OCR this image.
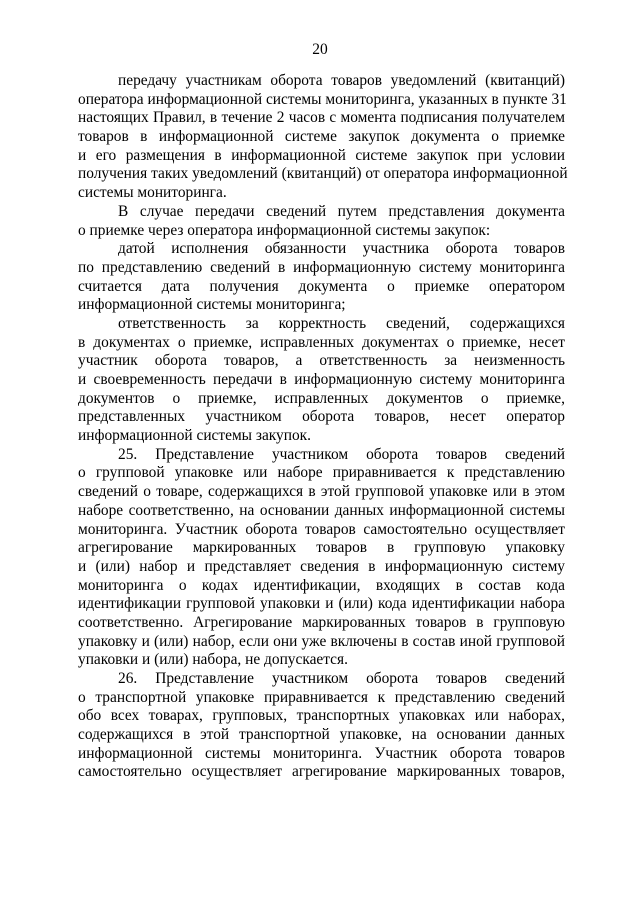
20
передачу участникам оборота товаров уведомлений (квитанций)
оператора информационной системы мониторинга, указанных в пункте 31
настоящих Правил, в течение 2 часов с момента подписания получателем
товаров в информационной системе закупок документа о приемке
и его размещения в информационной системе закупок при условии
получения таких уведомлений (квитанций) от оператора информационной
системы мониторинга.
В случае передачи сведений путем представления документа
о приемке через оператора информационной системы закупок:
датой исполнения обязанности участника оборота товаров
по представлению сведений в информационную систему мониторинга
считается дата получения документа о приемке оператором
информационной системы мониторинга;
ответственность за корректность сведений, содержащихся
в документах о приемке, исправленных документах о приемке, несет
участник оборота товаров, а ответственность за неизменность
и своевременность передачи в информационную систему мониторинга
документов о приемке, исправленных документов о приемке,
представленных участником оборота товаров, несет оператор
информационной системы закупок.
25. Представление участником оборота товаров сведений
о групповой упаковке или наборе приравнивается к представлению
сведений о товаре, содержащихся в этой групповой упаковке или в этом
наборе соответственно, на основании данных информационной системы
мониторинга. Участник оборота товаров самостоятельно осуществляет
агрегирование маркированных товаров в групповую упаковку
и (или) набор и представляет сведения в информационную систему
мониторинга о кодах идентификации, входящих в состав кода
идентификации групповой упаковки и (или) кода идентификации набора
соответственно. Агрегирование маркированных товаров в групповую
упаковку и (или) набор, если они уже включены в состав иной групповой
упаковки и (или) набора, не допускается.
26. Представление участником оборота товаров сведений
о транспортной упаковке приравнивается к представлению сведений
обо всех товарах, групповых, транспортных упаковках или наборах,
содержащихся в этой транспортной упаковке, на основании данных
информационной системы мониторинга. Участник оборота товаров
самостоятельно осуществляет агрегирование маркированных товаров,
